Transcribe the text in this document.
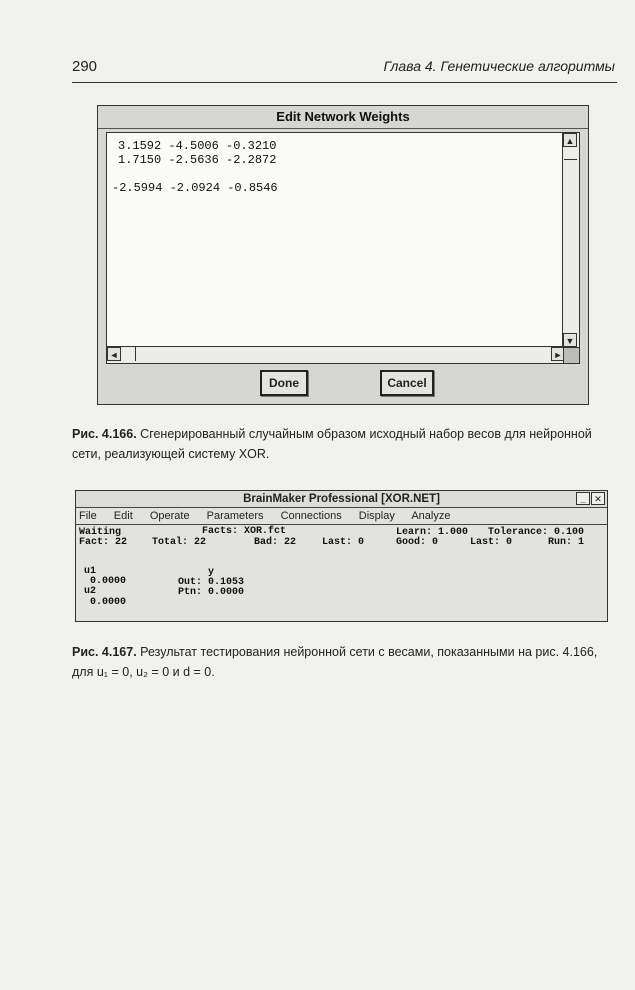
290	Глава 4. Генетические алгоритмы
Edit Network Weights
3.1592 -4.5006 -0.3210
1.7150 -2.5636 -2.2872
-2.5994 -2.0924 -0.8546
▲
▼
◄	►
Done	Cancel
Рис. 4.166. Сгенерированный случайным образом исходный набор весов для нейронной сети, реализующей систему XOR.
BrainMaker Professional [XOR.NET]	_ ✕
File Edit Operate Parameters Connections Display Analyze
Waiting	Facts: XOR.fct	Learn: 1.000 Tolerance: 0.100
Fact: 22 Total: 22	Bad: 22	Last: 0	Good: 0	Last: 0	Run: 1
u1
0.0000
u2
0.0000
y
Out: 0.1053
Ptn: 0.0000
Рис. 4.167. Результат тестирования нейронной сети с весами, показанными на рис. 4.166, для u₁ = 0, u₂ = 0 и d = 0.
